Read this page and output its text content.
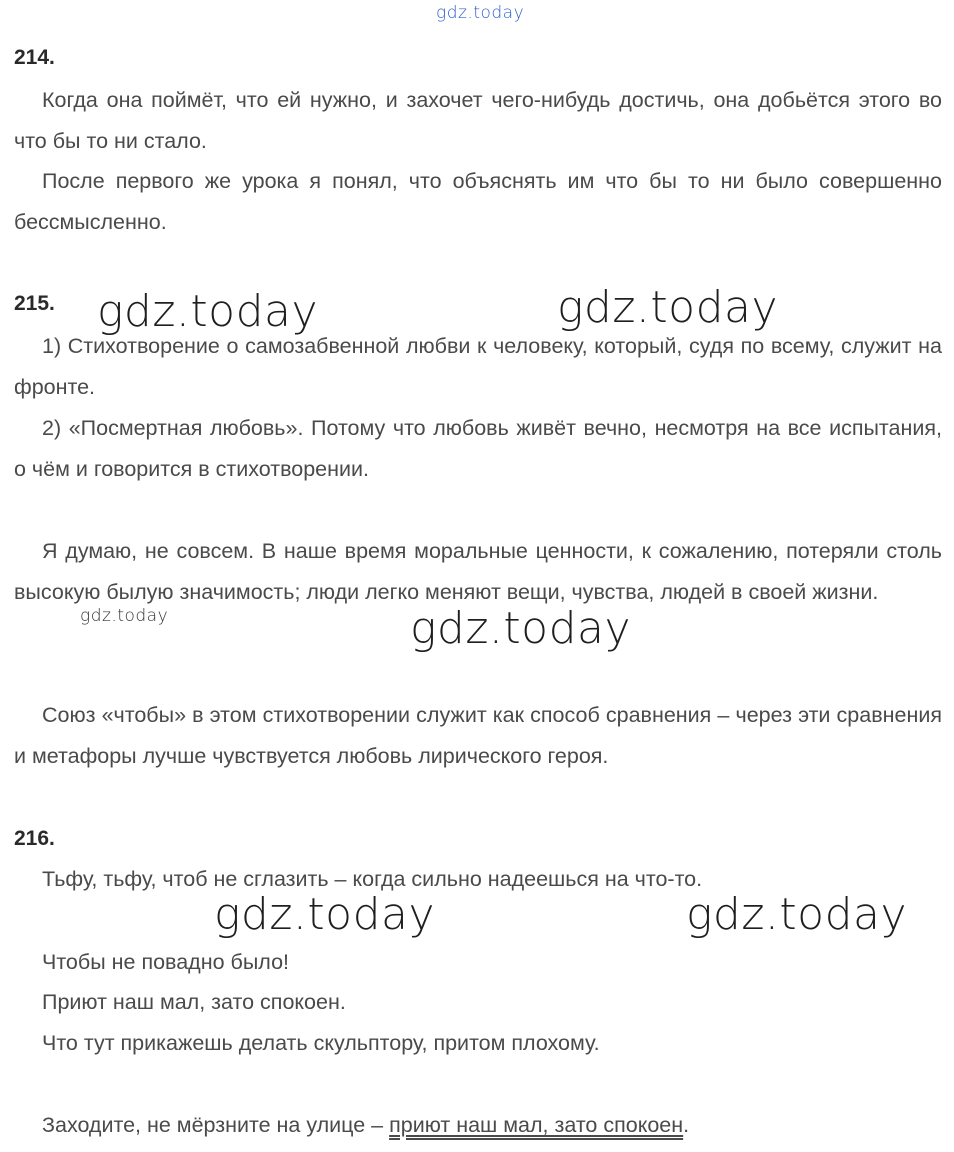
gdz.today
gdz.today	gdz.today
gdz.today	gdz.today
gdz.today	gdz.today
214.

Когда она поймёт, что ей нужно, и захочет чего-нибудь достичь, она добьётся этого во что бы то ни стало.

После первого же урока я понял, что объяснять им что бы то ни было совершенно бессмысленно.

215.

1) Стихотворение о самозабвенной любви к человеку, который, судя по всему, служит на фронте.

2) «Посмертная любовь». Потому что любовь живёт вечно, несмотря на все испытания, о чём и говорится в стихотворении.

Я думаю, не совсем. В наше время моральные ценности, к сожалению, потеряли столь высокую былую значимость; люди легко меняют вещи, чувства, людей в своей жизни.

Союз «чтобы» в этом стихотворении служит как способ сравнения – через эти сравнения и метафоры лучше чувствуется любовь лирического героя.

216.

Тьфу, тьфу, чтоб не сглазить – когда сильно надеешься на что-то.

Чтобы не повадно было!

Приют наш мал, зато спокоен.

Что тут прикажешь делать скульптору, притом плохому.

Заходите, не мёрзните на улице – приют наш мал, зато спокоен.
